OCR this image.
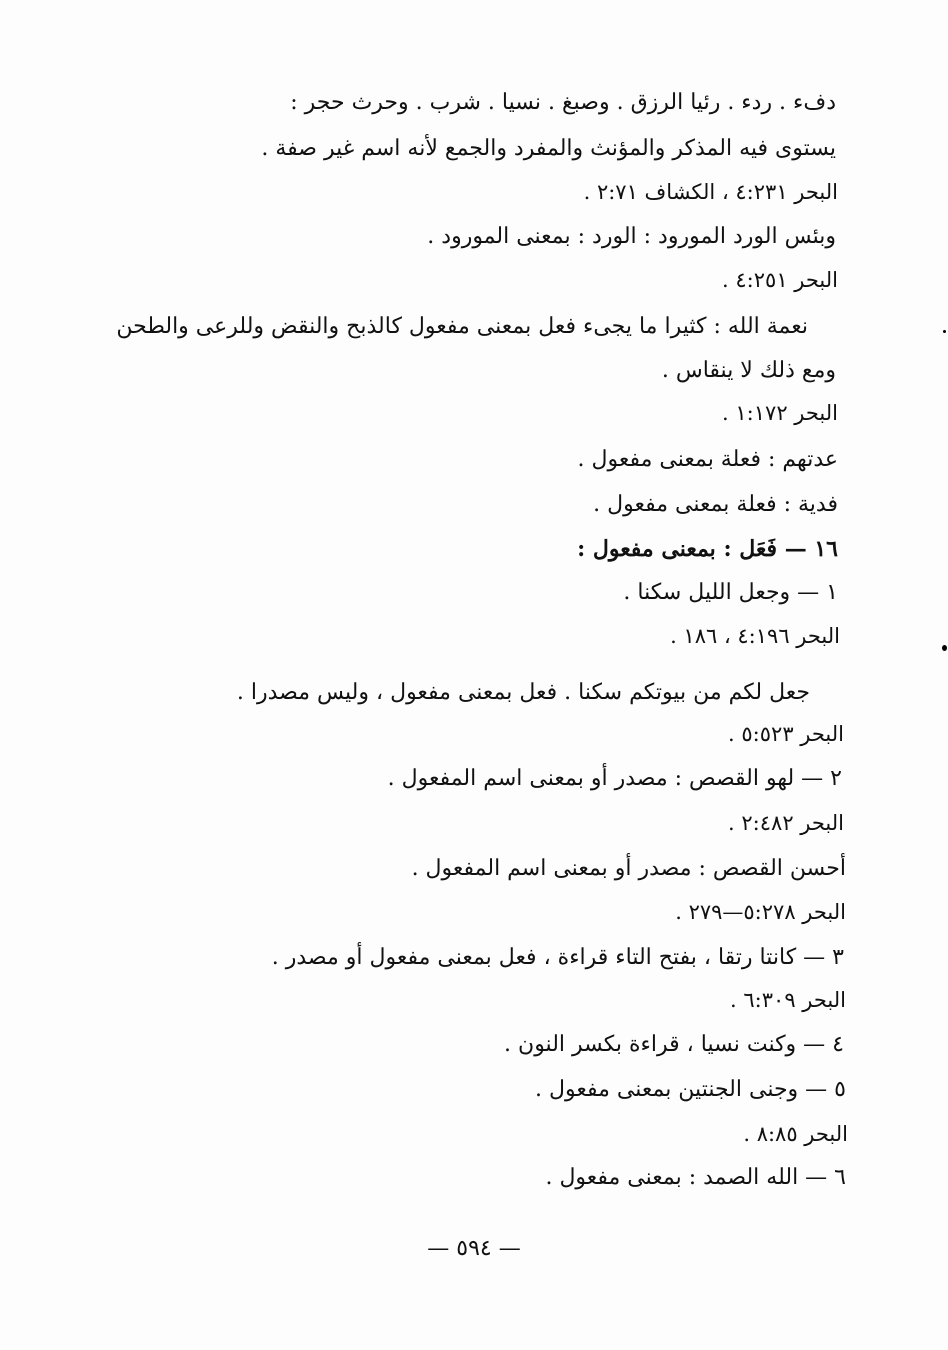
دفء . ردء . رئيا الرزق . وصبغ . نسيا . شرب . وحرث حجر :
يستوى فيه المذكر والمؤنث والمفرد والجمع لأنه اسم غير صفة .
البحر ٤:٢٣١ ، الكشاف ٢:٧١ .
وبئس الورد المورود : الورد : بمعنى المورود .
البحر ٤:٢٥١ .
نعمة الله : كثيرا ما يجىء فعل بمعنى مفعول كالذبح والنقض وللرعى والطحن
ومع ذلك لا ينقاس .
البحر ١:١٧٢ .
عدتهم : فعلة بمعنى مفعول .
فدية : فعلة بمعنى مفعول .
١٦ — فَعَل : بمعنى مفعول :
١ — وجعل الليل سكنا .
البحر ٤:١٩٦ ، ١٨٦ .
جعل لكم من بيوتكم سكنا . فعل بمعنى مفعول ، وليس مصدرا .
البحر ٥:٥٢٣ .
٢ — لهو القصص : مصدر أو بمعنى اسم المفعول .
البحر ٢:٤٨٢ .
أحسن القصص : مصدر أو بمعنى اسم المفعول .
البحر ٥:٢٧٨—٢٧٩ .
٣ — كانتا رتقا ، بفتح التاء قراءة ، فعل بمعنى مفعول أو مصدر .
البحر ٦:٣٠٩ .
٤ — وكنت نسيا ، قراءة بكسر النون .
٥ — وجنى الجنتين بمعنى مفعول .
البحر ٨:٨٥ .
٦ — الله الصمد : بمعنى مفعول .
— ٥٩٤ —
